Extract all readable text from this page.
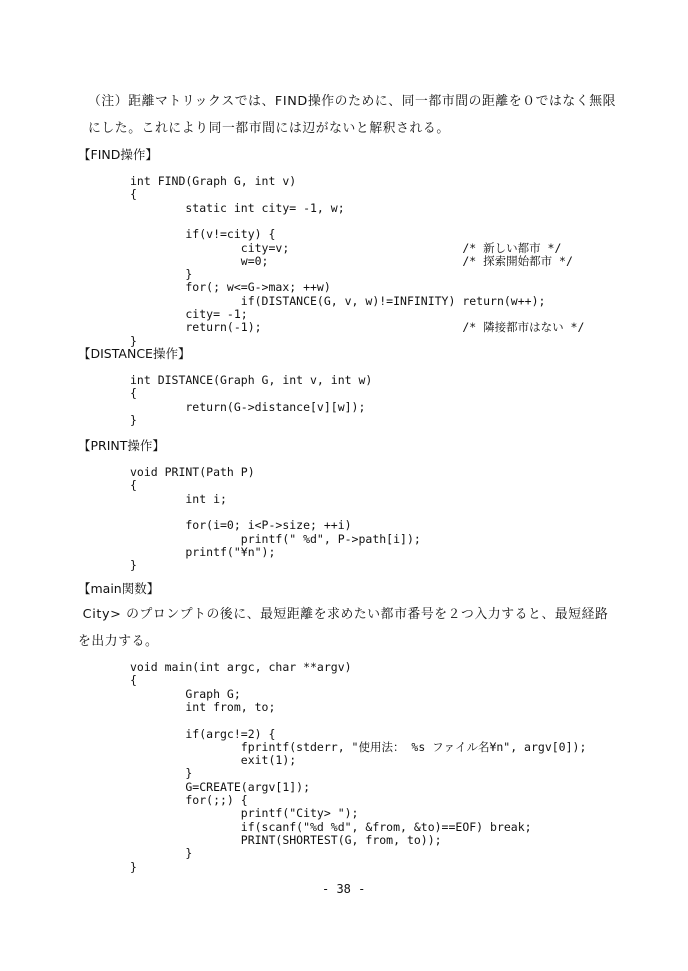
（注）距離マトリックスでは、FIND操作のために、同一都市間の距離を０ではなく無限
にした。これにより同一都市間には辺がないと解釈される。
【FIND操作】
【DISTANCE操作】
【PRINT操作】
【main関数】
City> のプロンプトの後に、最短距離を求めたい都市番号を２つ入力すると、最短経路
を出力する。
- 38 -
int FIND(Graph G, int v)
{
static int city= -1, w;
if(v!=city) {
city=v;                         /* 新しい都市 */
w=0;                            /* 探索開始都市 */
}
for(; w<=G->max; ++w)
if(DISTANCE(G, v, w)!=INFINITY) return(w++);
city= -1;
return(-1);                             /* 隣接都市はない */
}
int DISTANCE(Graph G, int v, int w)
{
return(G->distance[v][w]);
}
void PRINT(Path P)
{
int i;
for(i=0; i<P->size; ++i)
printf(" %d", P->path[i]);
printf("¥n");
}
void main(int argc, char **argv)
{
Graph G;
int from, to;
if(argc!=2) {
fprintf(stderr, "使用法： %s ファイル名¥n", argv[0]);
exit(1);
}
G=CREATE(argv[1]);
for(;;) {
printf("City> ");
if(scanf("%d %d", &from, &to)==EOF) break;
PRINT(SHORTEST(G, from, to));
}
}
